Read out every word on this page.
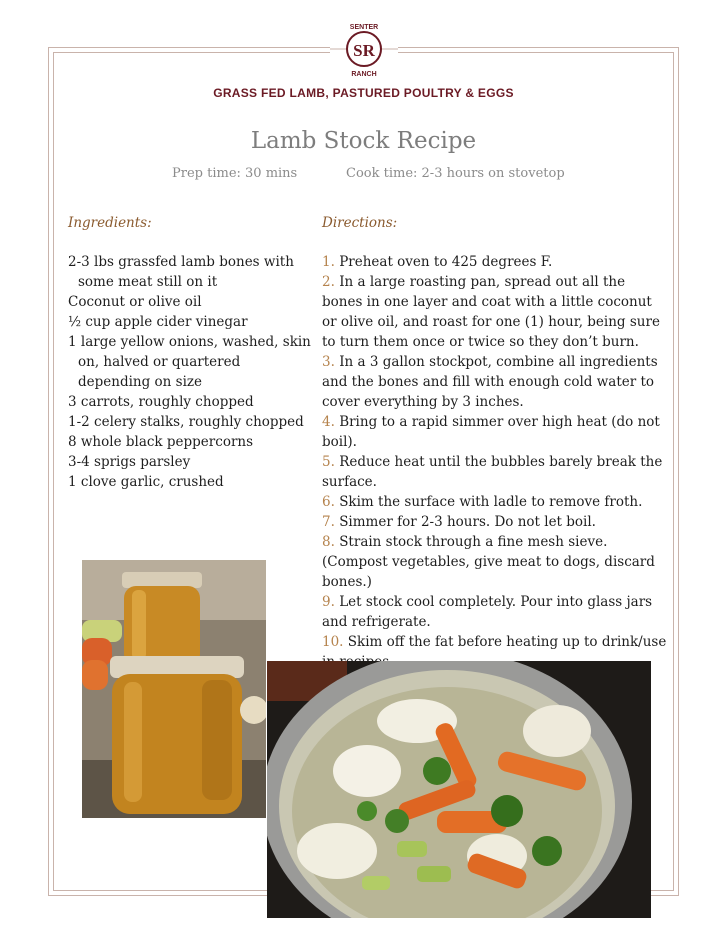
SENTER
SR
RANCH
GRASS FED LAMB, PASTURED POULTRY & EGGS
Lamb Stock Recipe
Prep time: 30 mins	Cook time: 2-3 hours on stovetop
Ingredients:	Directions:
2-3 lbs grassfed lamb bones with some meat still on it
Coconut or olive oil
½ cup apple cider vinegar
1 large yellow onions, washed, skin on, halved or quartered depending on size
3 carrots, roughly chopped
1-2 celery stalks, roughly chopped
8 whole black peppercorns
3-4 sprigs parsley
1 clove garlic, crushed
1. Preheat oven to 425 degrees F.
2. In a large roasting pan, spread out all the bones in one layer and coat with a little coconut or olive oil, and roast for one (1) hour, being sure to turn them once or twice so they don’t burn.
3. In a 3 gallon stockpot, combine all ingredients and the bones and fill with enough cold water to cover everything by 3 inches.
4. Bring to a rapid simmer over high heat (do not boil).
5. Reduce heat until the bubbles barely break the surface.
6. Skim the surface with ladle to remove froth.
7. Simmer for 2-3 hours. Do not let boil.
8. Strain stock through a fine mesh sieve. (Compost vegetables, give meat to dogs, discard bones.)
9. Let stock cool completely. Pour into glass jars and refrigerate.
10. Skim off the fat before heating up to drink/use
